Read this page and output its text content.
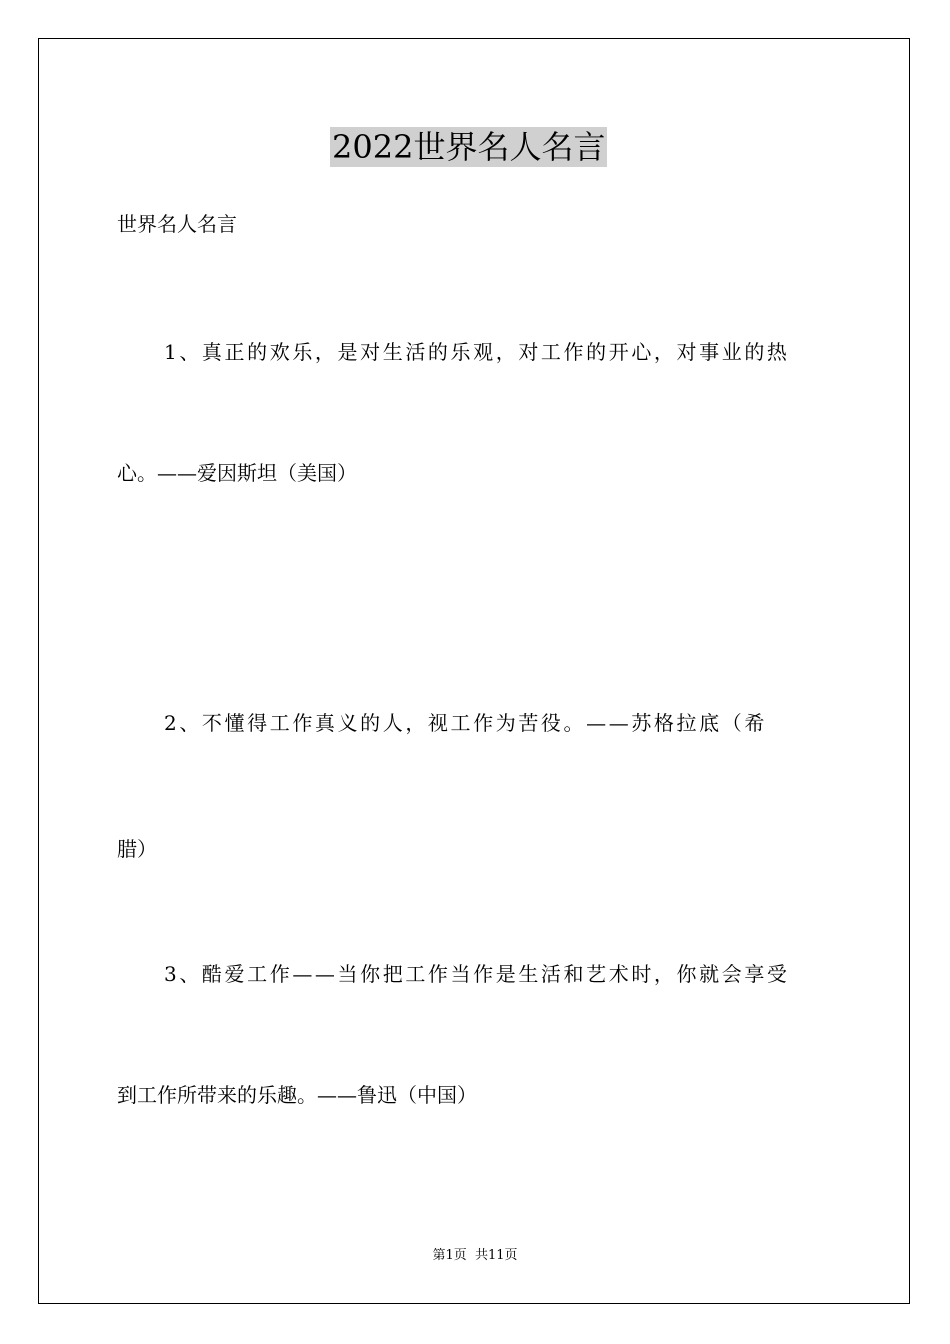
2022世界名人名言
世界名人名言
1、真正的欢乐，是对生活的乐观，对工作的开心，对事业的热
心。——爱因斯坦（美国）
2、不懂得工作真义的人，视工作为苦役。——苏格拉底（希
腊）
3、酷爱工作——当你把工作当作是生活和艺术时，你就会享受
到工作所带来的乐趣。——鲁迅（中国）
第1页  共11页
